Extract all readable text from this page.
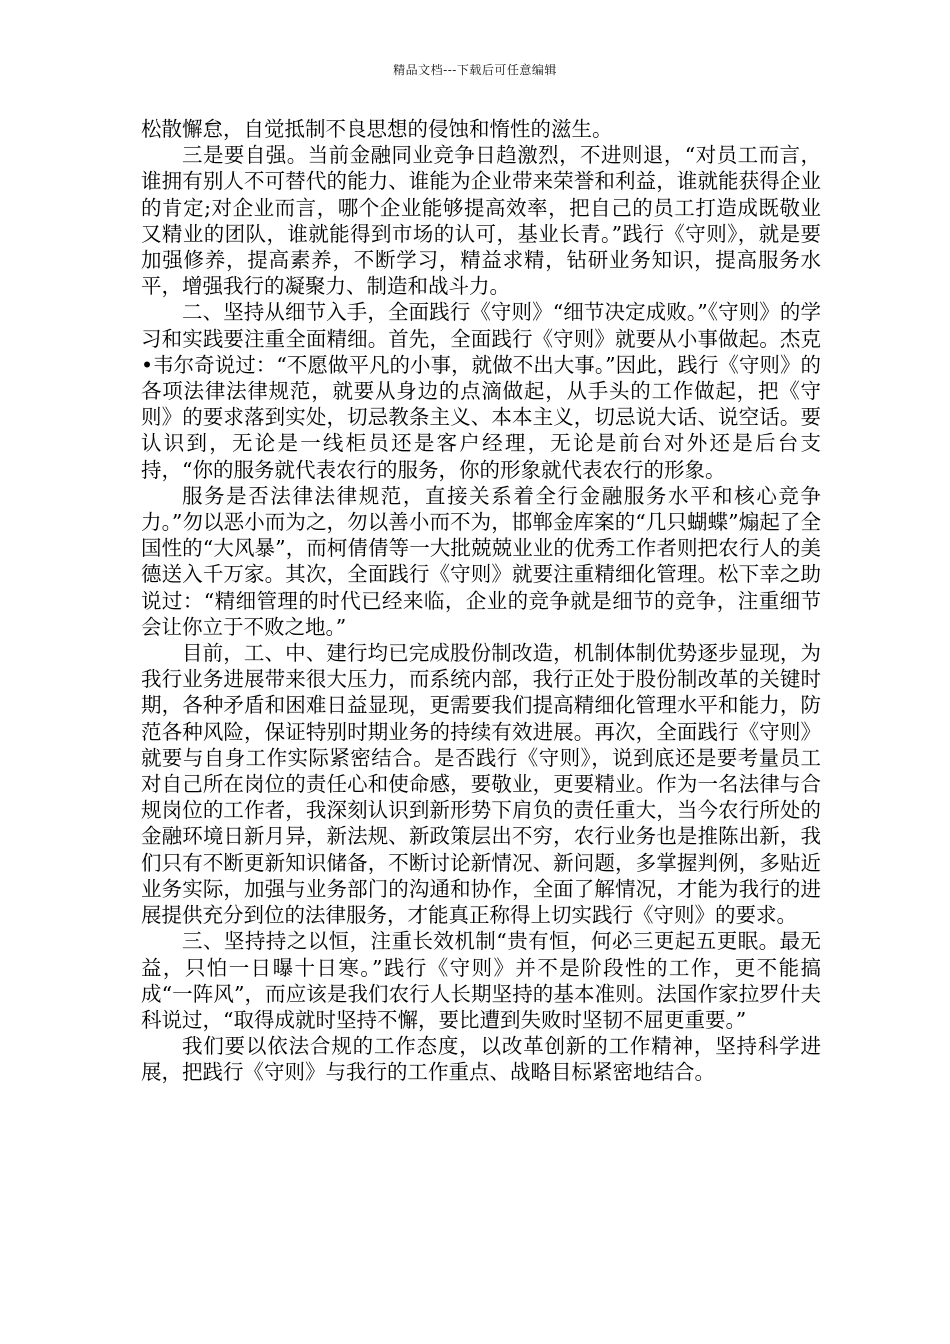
精品文档---下载后可任意编辑

松散懈怠，自觉抵制不良思想的侵蚀和惰性的滋生。

三是要自强。当前金融同业竞争日趋激烈，不进则退，“对员工而言，谁拥有别人不可替代的能力、谁能为企业带来荣誉和利益，谁就能获得企业的肯定;对企业而言，哪个企业能够提高效率，把自己的员工打造成既敬业又精业的团队，谁就能得到市场的认可，基业长青。”践行《守则》，就是要加强修养，提高素养，不断学习，精益求精，钻研业务知识，提高服务水平，增强我行的凝聚力、制造和战斗力。

二、坚持从细节入手，全面践行《守则》“细节决定成败。”《守则》的学习和实践要注重全面精细。首先，全面践行《守则》就要从小事做起。杰克•韦尔奇说过：“不愿做平凡的小事，就做不出大事。”因此，践行《守则》的各项法律法律规范，就要从身边的点滴做起，从手头的工作做起，把《守则》的要求落到实处，切忌教条主义、本本主义，切忌说大话、说空话。要认识到，无论是一线柜员还是客户经理，无论是前台对外还是后台支持，“你的服务就代表农行的服务，你的形象就代表农行的形象。

服务是否法律法律规范，直接关系着全行金融服务水平和核心竞争力。”勿以恶小而为之，勿以善小而不为，邯郸金库案的“几只蝴蝶”煽起了全国性的“大风暴”，而柯倩倩等一大批兢兢业业的优秀工作者则把农行人的美德送入千万家。其次，全面践行《守则》就要注重精细化管理。松下幸之助说过：“精细管理的时代已经来临，企业的竞争就是细节的竞争，注重细节会让你立于不败之地。”

目前，工、中、建行均已完成股份制改造，机制体制优势逐步显现，为我行业务进展带来很大压力，而系统内部，我行正处于股份制改革的关键时期，各种矛盾和困难日益显现，更需要我们提高精细化管理水平和能力，防范各种风险，保证特别时期业务的持续有效进展。再次，全面践行《守则》就要与自身工作实际紧密结合。是否践行《守则》，说到底还是要考量员工对自己所在岗位的责任心和使命感，要敬业，更要精业。作为一名法律与合规岗位的工作者，我深刻认识到新形势下肩负的责任重大，当今农行所处的金融环境日新月异，新法规、新政策层出不穷，农行业务也是推陈出新，我们只有不断更新知识储备，不断讨论新情况、新问题，多掌握判例，多贴近业务实际，加强与业务部门的沟通和协作，全面了解情况，才能为我行的进展提供充分到位的法律服务，才能真正称得上切实践行《守则》的要求。

三、坚持持之以恒，注重长效机制“贵有恒，何必三更起五更眠。最无益，只怕一日曝十日寒。”践行《守则》并不是阶段性的工作，更不能搞成“一阵风”，而应该是我们农行人长期坚持的基本准则。法国作家拉罗什夫科说过，“取得成就时坚持不懈，要比遭到失败时坚韧不屈更重要。”

我们要以依法合规的工作态度，以改革创新的工作精神，坚持科学进展，把践行《守则》与我行的工作重点、战略目标紧密地结合。
